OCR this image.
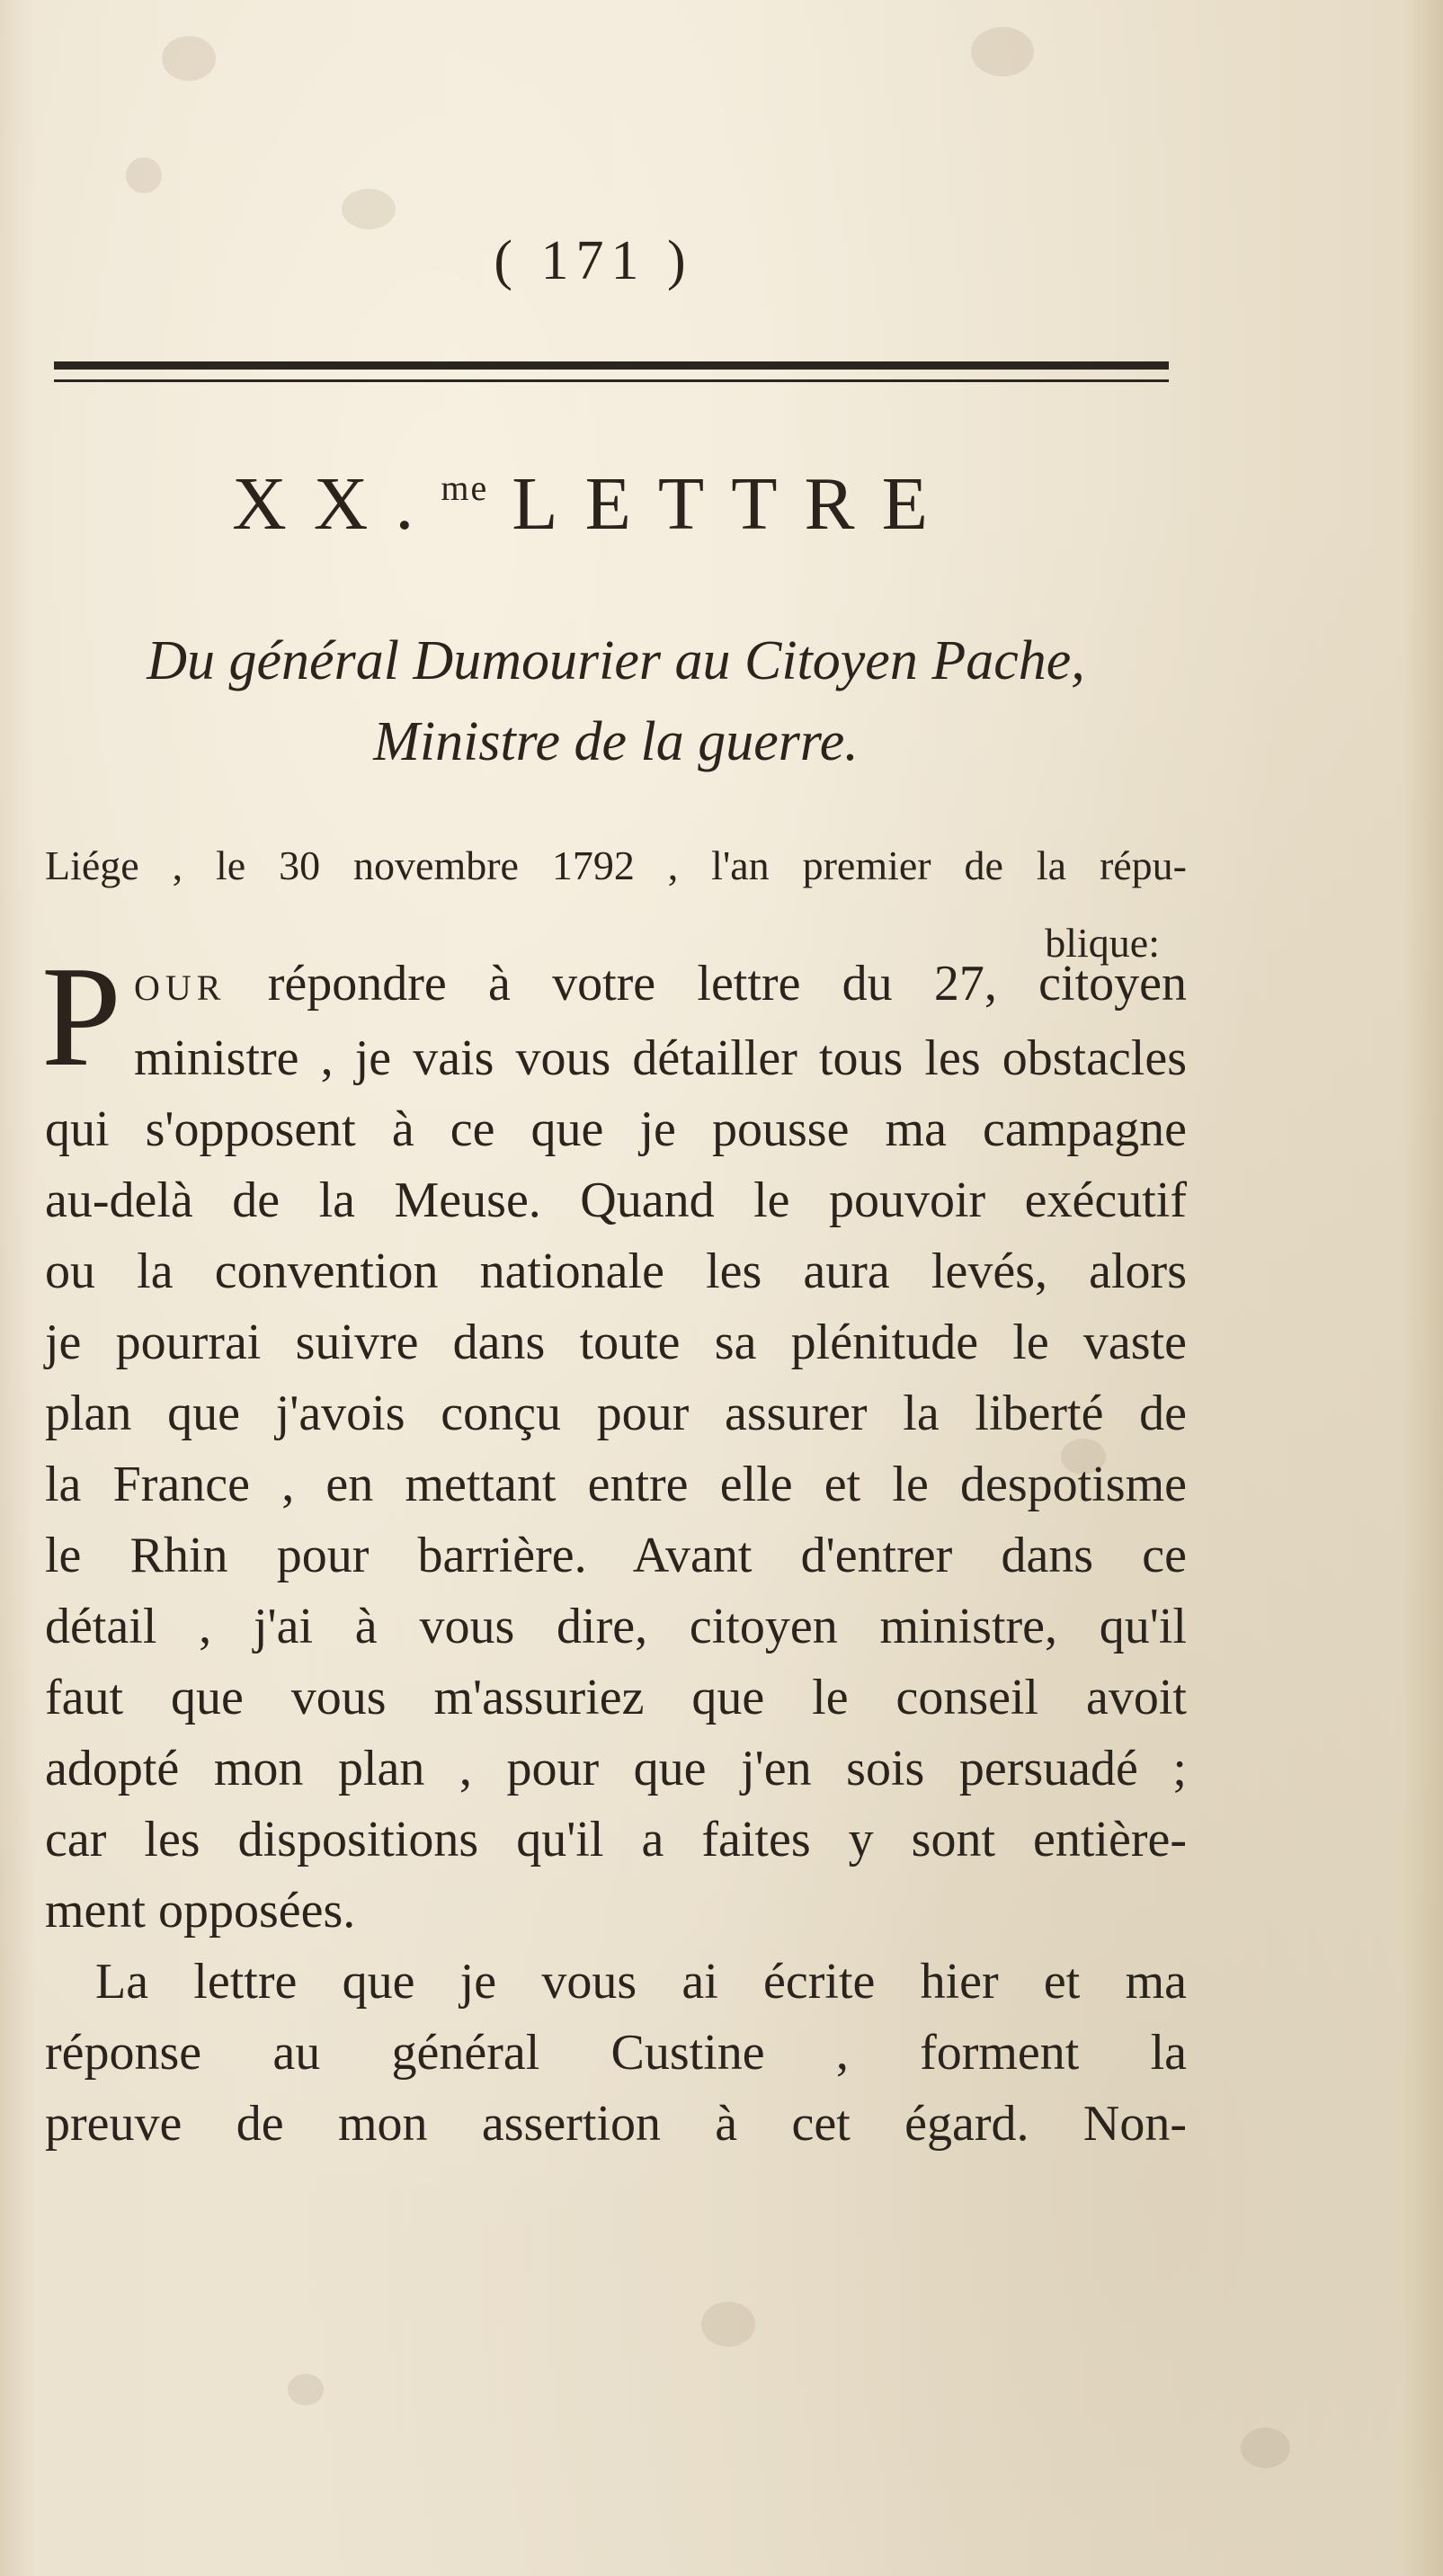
( 171 )
XX.$^{me}$ LETTRE
Du général Dumourier au Citoyen Pache,
Ministre de la guerre.
Liége , le 30 novembre 1792 , l'an premier de la répu-
blique:
P OUR répondre à votre lettre du 27, citoyen
ministre , je vais vous détailler tous les obstacles
qui s'opposent à ce que je pousse ma campagne
au-delà de la Meuse. Quand le pouvoir exécutif
ou la convention nationale les aura levés, alors
je pourrai suivre dans toute sa plénitude le vaste
plan que j'avois conçu pour assurer la liberté de
la France , en mettant entre elle et le despotisme
le Rhin pour barrière. Avant d'entrer dans ce
détail , j'ai à vous dire, citoyen ministre, qu'il
faut que vous m'assuriez que le conseil avoit
adopté mon plan , pour que j'en sois persuadé ;
car les dispositions qu'il a faites y sont entière-
ment opposées.
La lettre que je vous ai écrite hier et ma
réponse au général Custine , forment la
preuve de mon assertion à cet égard. Non-
